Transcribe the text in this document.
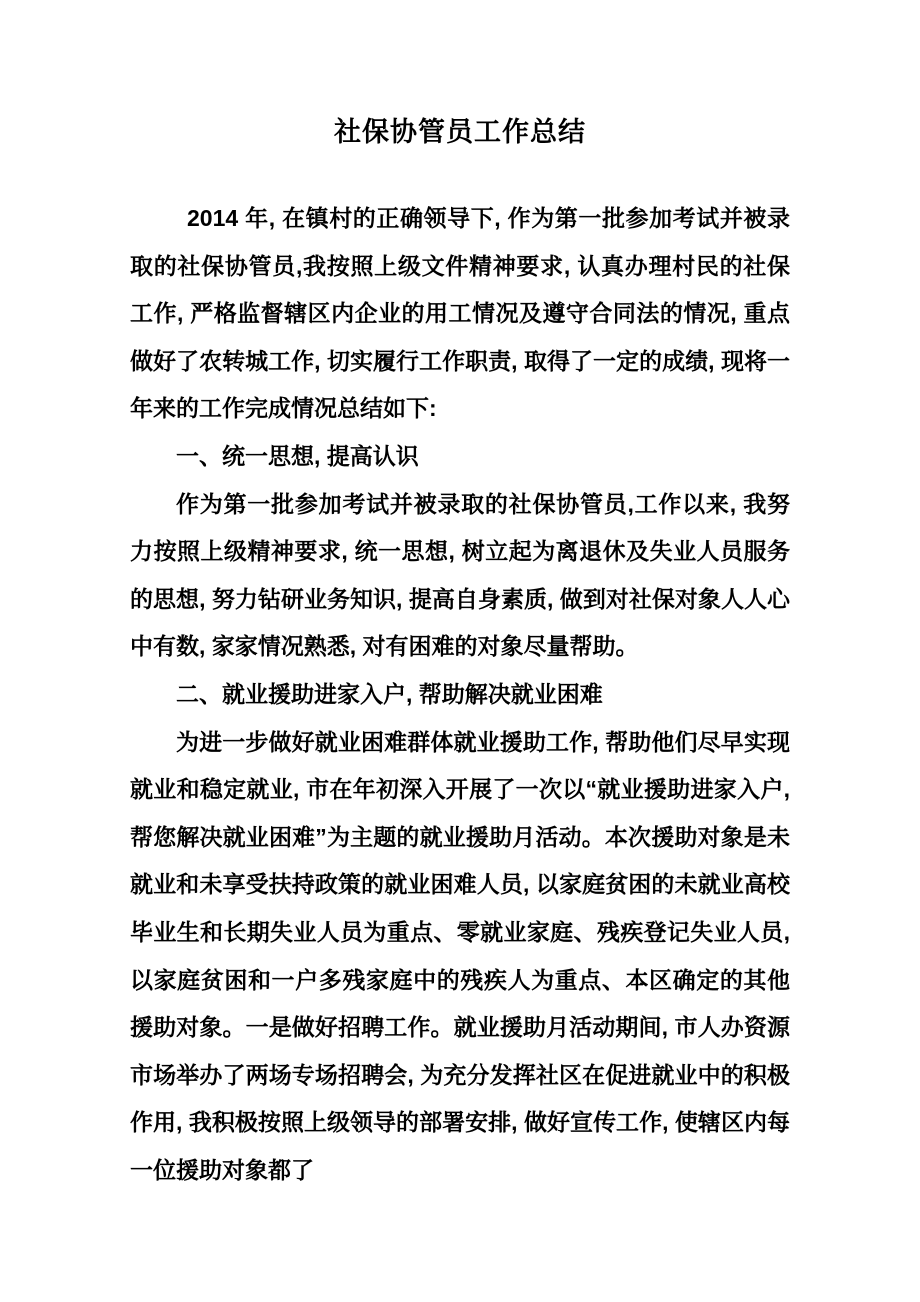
社保协管员工作总结

2014 年, 在镇村的正确领导下, 作为第一批参加考试并被录取的社保协管员,我按照上级文件精神要求, 认真办理村民的社保工作, 严格监督辖区内企业的用工情况及遵守合同法的情况, 重点做好了农转城工作, 切实履行工作职责, 取得了一定的成绩, 现将一年来的工作完成情况总结如下:

一、统一思想, 提高认识

作为第一批参加考试并被录取的社保协管员,工作以来, 我努力按照上级精神要求, 统一思想, 树立起为离退休及失业人员服务的思想, 努力钻研业务知识, 提高自身素质, 做到对社保对象人人心中有数, 家家情况熟悉, 对有困难的对象尽量帮助。

二、就业援助进家入户, 帮助解决就业困难

为进一步做好就业困难群体就业援助工作, 帮助他们尽早实现就业和稳定就业, 市在年初深入开展了一次以“就业援助进家入户, 帮您解决就业困难”为主题的就业援助月活动。本次援助对象是未就业和未享受扶持政策的就业困难人员, 以家庭贫困的未就业高校毕业生和长期失业人员为重点、零就业家庭、残疾登记失业人员, 以家庭贫困和一户多残家庭中的残疾人为重点、本区确定的其他援助对象。一是做好招聘工作。就业援助月活动期间, 市人办资源市场举办了两场专场招聘会, 为充分发挥社区在促进就业中的积极作用, 我积极按照上级领导的部署安排, 做好宣传工作, 使辖区内每一位援助对象都了
